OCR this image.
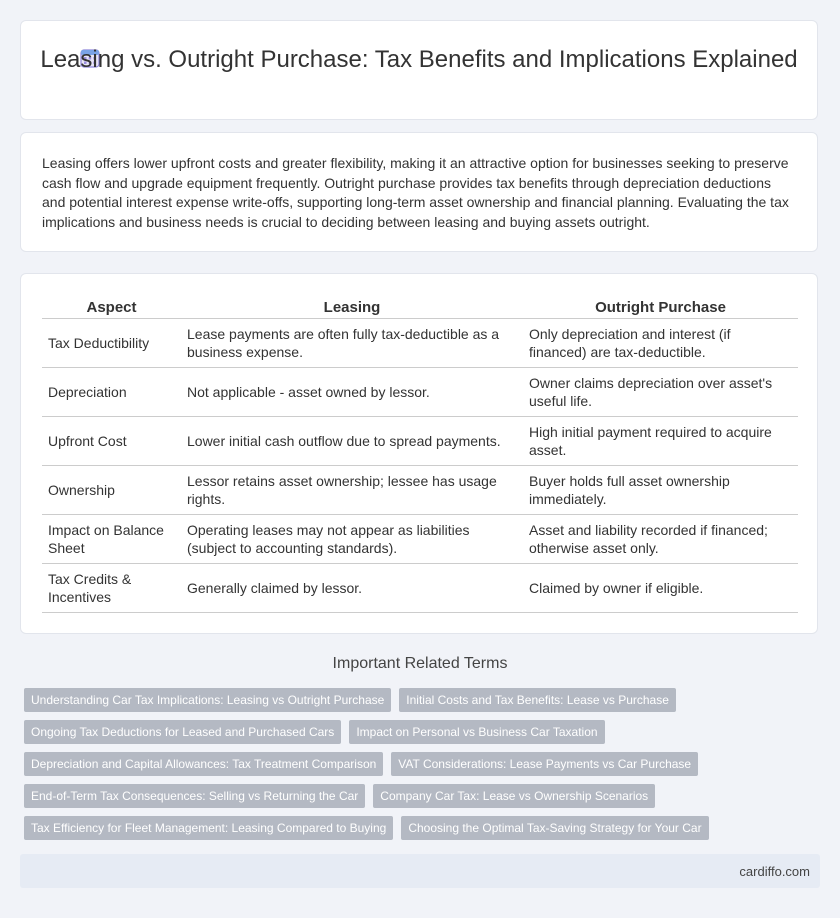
Leasing vs. Outright Purchase: Tax Benefits and Implications Explained

Leasing offers lower upfront costs and greater flexibility, making it an attractive option for businesses seeking to preserve cash flow and upgrade equipment frequently. Outright purchase provides tax benefits through depreciation deductions and potential interest expense write-offs, supporting long-term asset ownership and financial planning. Evaluating the tax implications and business needs is crucial to deciding between leasing and buying assets outright.

Aspect	Leasing	Outright Purchase
Tax Deductibility	Lease payments are often fully tax-deductible as a business expense.	Only depreciation and interest (if financed) are tax-deductible.
Depreciation	Not applicable - asset owned by lessor.	Owner claims depreciation over asset's useful life.
Upfront Cost	Lower initial cash outflow due to spread payments.	High initial payment required to acquire asset.
Ownership	Lessor retains asset ownership; lessee has usage rights.	Buyer holds full asset ownership immediately.
Impact on Balance Sheet	Operating leases may not appear as liabilities (subject to accounting standards).	Asset and liability recorded if financed; otherwise asset only.
Tax Credits & Incentives	Generally claimed by lessor.	Claimed by owner if eligible.
Important Related Terms
Understanding Car Tax Implications: Leasing vs Outright Purchase	Initial Costs and Tax Benefits: Lease vs Purchase
Ongoing Tax Deductions for Leased and Purchased Cars	Impact on Personal vs Business Car Taxation
Depreciation and Capital Allowances: Tax Treatment Comparison	VAT Considerations: Lease Payments vs Car Purchase
End-of-Term Tax Consequences: Selling vs Returning the Car	Company Car Tax: Lease vs Ownership Scenarios
Tax Efficiency for Fleet Management: Leasing Compared to Buying	Choosing the Optimal Tax-Saving Strategy for Your Car
cardiffo.com
